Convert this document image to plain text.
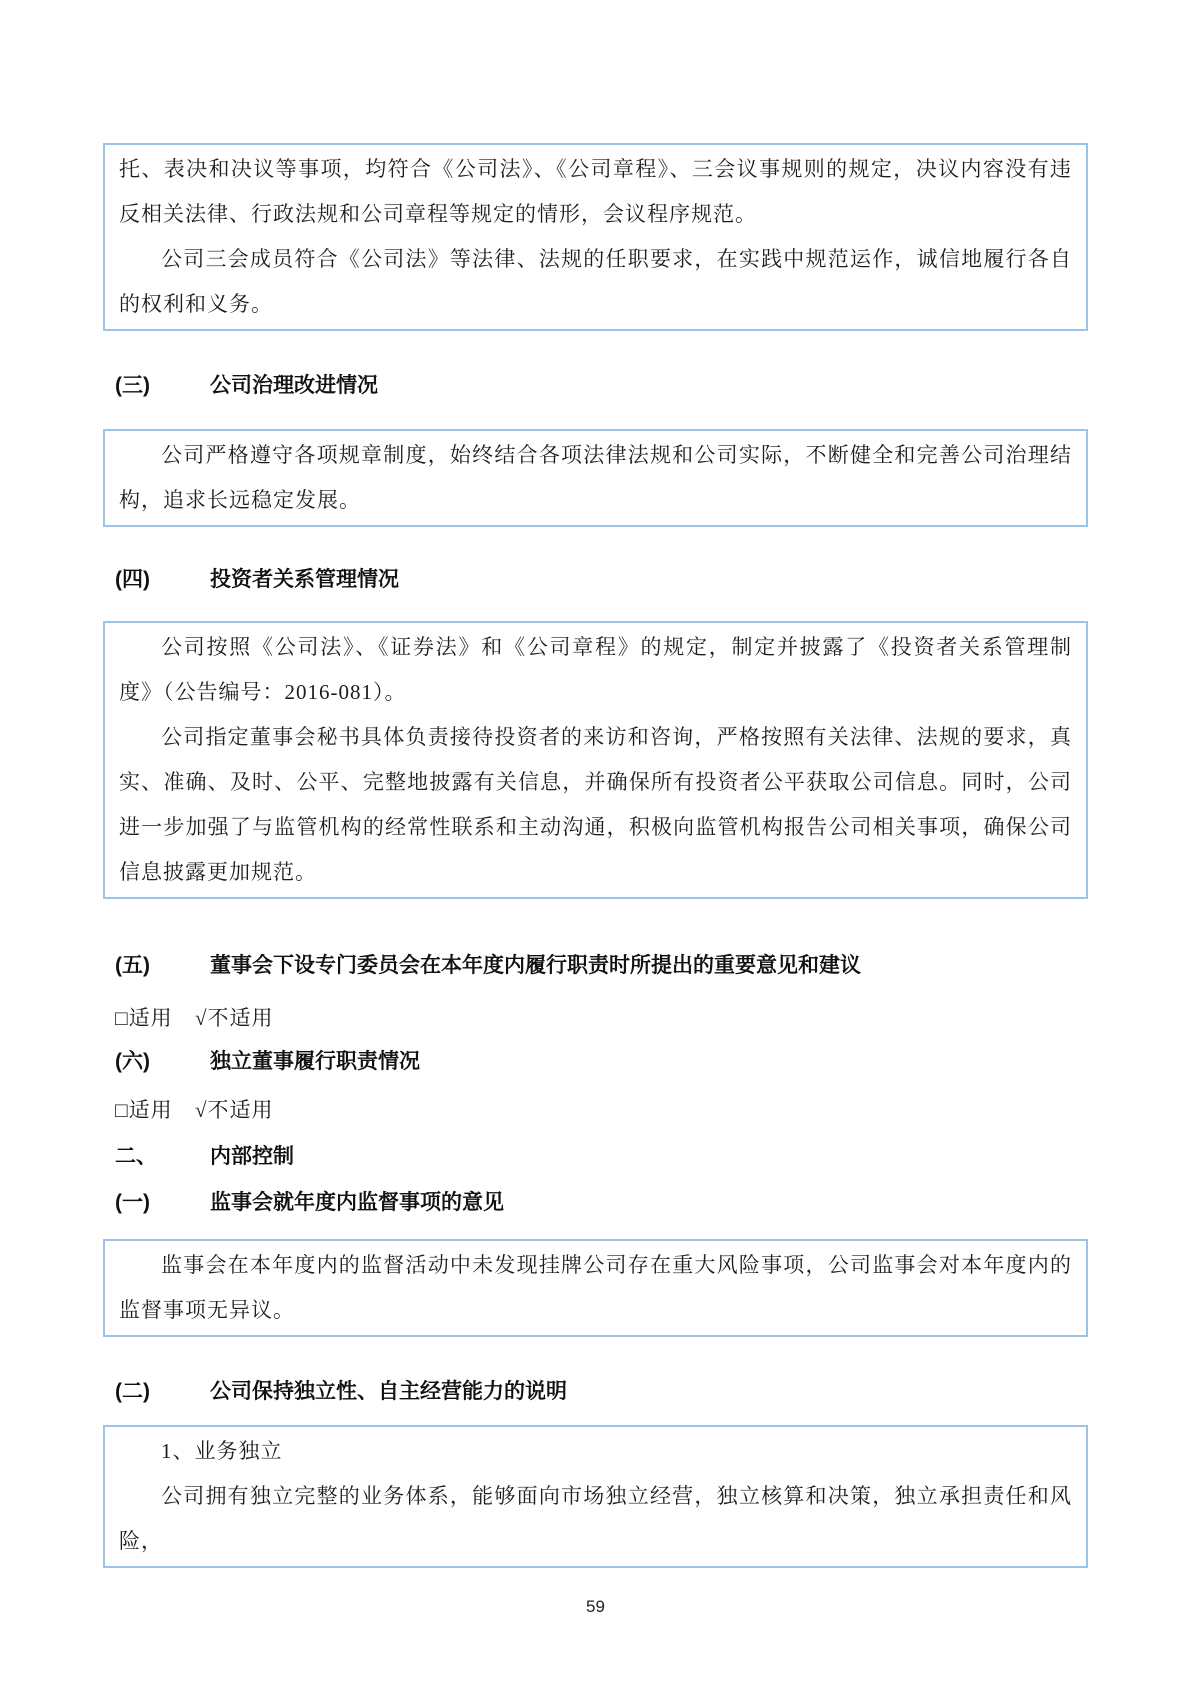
托、表决和决议等事项，均符合《公司法》、《公司章程》、三会议事规则的规定，决议内容没有违反相关法律、行政法规和公司章程等规定的情形，会议程序规范。

公司三会成员符合《公司法》等法律、法规的任职要求，在实践中规范运作，诚信地履行各自的权利和义务。

(三)	公司治理改进情况

公司严格遵守各项规章制度，始终结合各项法律法规和公司实际，不断健全和完善公司治理结构，追求长远稳定发展。

(四)	投资者关系管理情况

公司按照《公司法》、《证券法》和《公司章程》的规定，制定并披露了《投资者关系管理制度》（公告编号：2016-081）。

公司指定董事会秘书具体负责接待投资者的来访和咨询，严格按照有关法律、法规的要求，真实、准确、及时、公平、完整地披露有关信息，并确保所有投资者公平获取公司信息。同时，公司进一步加强了与监管机构的经常性联系和主动沟通，积极向监管机构报告公司相关事项，确保公司信息披露更加规范。

(五)	董事会下设专门委员会在本年度内履行职责时所提出的重要意见和建议
□适用 √不适用
(六)	独立董事履行职责情况
□适用 √不适用
二、	内部控制
(一)	监事会就年度内监督事项的意见

监事会在本年度内的监督活动中未发现挂牌公司存在重大风险事项，公司监事会对本年度内的监督事项无异议。

(二)	公司保持独立性、自主经营能力的说明

1、业务独立

公司拥有独立完整的业务体系，能够面向市场独立经营，独立核算和决策，独立承担责任和风险，

59
